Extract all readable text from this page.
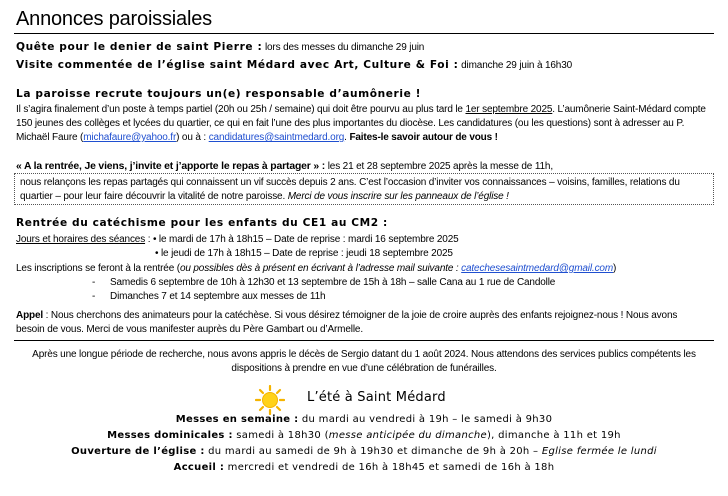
Annonces paroissiales
Quête pour le denier de saint Pierre : lors des messes du dimanche 29 juin
Visite commentée de l’église saint Médard avec Art, Culture & Foi : dimanche 29 juin à 16h30
La paroisse recrute toujours un(e) responsable d’aumônerie !
Il s’agira finalement d’un poste à temps partiel (20h ou 25h / semaine) qui doit être pourvu au plus tard le 1er septembre 2025. L’aumônerie Saint-Médard compte
150 jeunes des collèges et lycées du quartier, ce qui en fait l’une des plus importantes du diocèse. Les candidatures (ou les questions) sont à adresser au P.
Michaël Faure (michafaure@yahoo.fr) ou à : candidatures@saintmedard.org. Faites-le savoir autour de vous !
« A la rentrée, Je viens, j’invite et j’apporte le repas à partager » : les 21 et 28 septembre 2025 après la messe de 11h,
nous relançons les repas partagés qui connaissent un vif succès depuis 2 ans. C’est l’occasion d’inviter vos connaissances – voisins, familles, relations du
quartier – pour leur faire découvrir la vitalité de notre paroisse. Merci de vous inscrire sur les panneaux de l’église !
Rentrée du catéchisme pour les enfants du CE1 au CM2 :
Jours et horaires des séances : • le mardi de 17h à 18h15 – Date de reprise : mardi 16 septembre 2025
• le jeudi de 17h à 18h15 – Date de reprise : jeudi 18 septembre 2025
Les inscriptions se feront à la rentrée (ou possibles dès à présent en écrivant à l’adresse mail suivante : catechesesaintmedard@gmail.com)
- Samedis 6 septembre de 10h à 12h30 et 13 septembre de 15h à 18h – salle Cana au 1 rue de Candolle
- Dimanches 7 et 14 septembre aux messes de 11h
Appel : Nous cherchons des animateurs pour la catéchèse. Si vous désirez témoigner de la joie de croire auprès des enfants rejoignez-nous ! Nous avons
besoin de vous. Merci de vous manifester auprès du Père Gambart ou d’Armelle.
Après une longue période de recherche, nous avons appris le décès de Sergio datant du 1 août 2024. Nous attendons des services publics compétents les
dispositions à prendre en vue d’une célébration de funérailles.
L’été à Saint Médard
Messes en semaine : du mardi au vendredi à 19h – le samedi à 9h30
Messes dominicales : samedi à 18h30 (messe anticipée du dimanche), dimanche à 11h et 19h
Ouverture de l’église : du mardi au samedi de 9h à 19h30 et dimanche de 9h à 20h – Eglise fermée le lundi
Accueil : mercredi et vendredi de 16h à 18h45 et samedi de 16h à 18h
